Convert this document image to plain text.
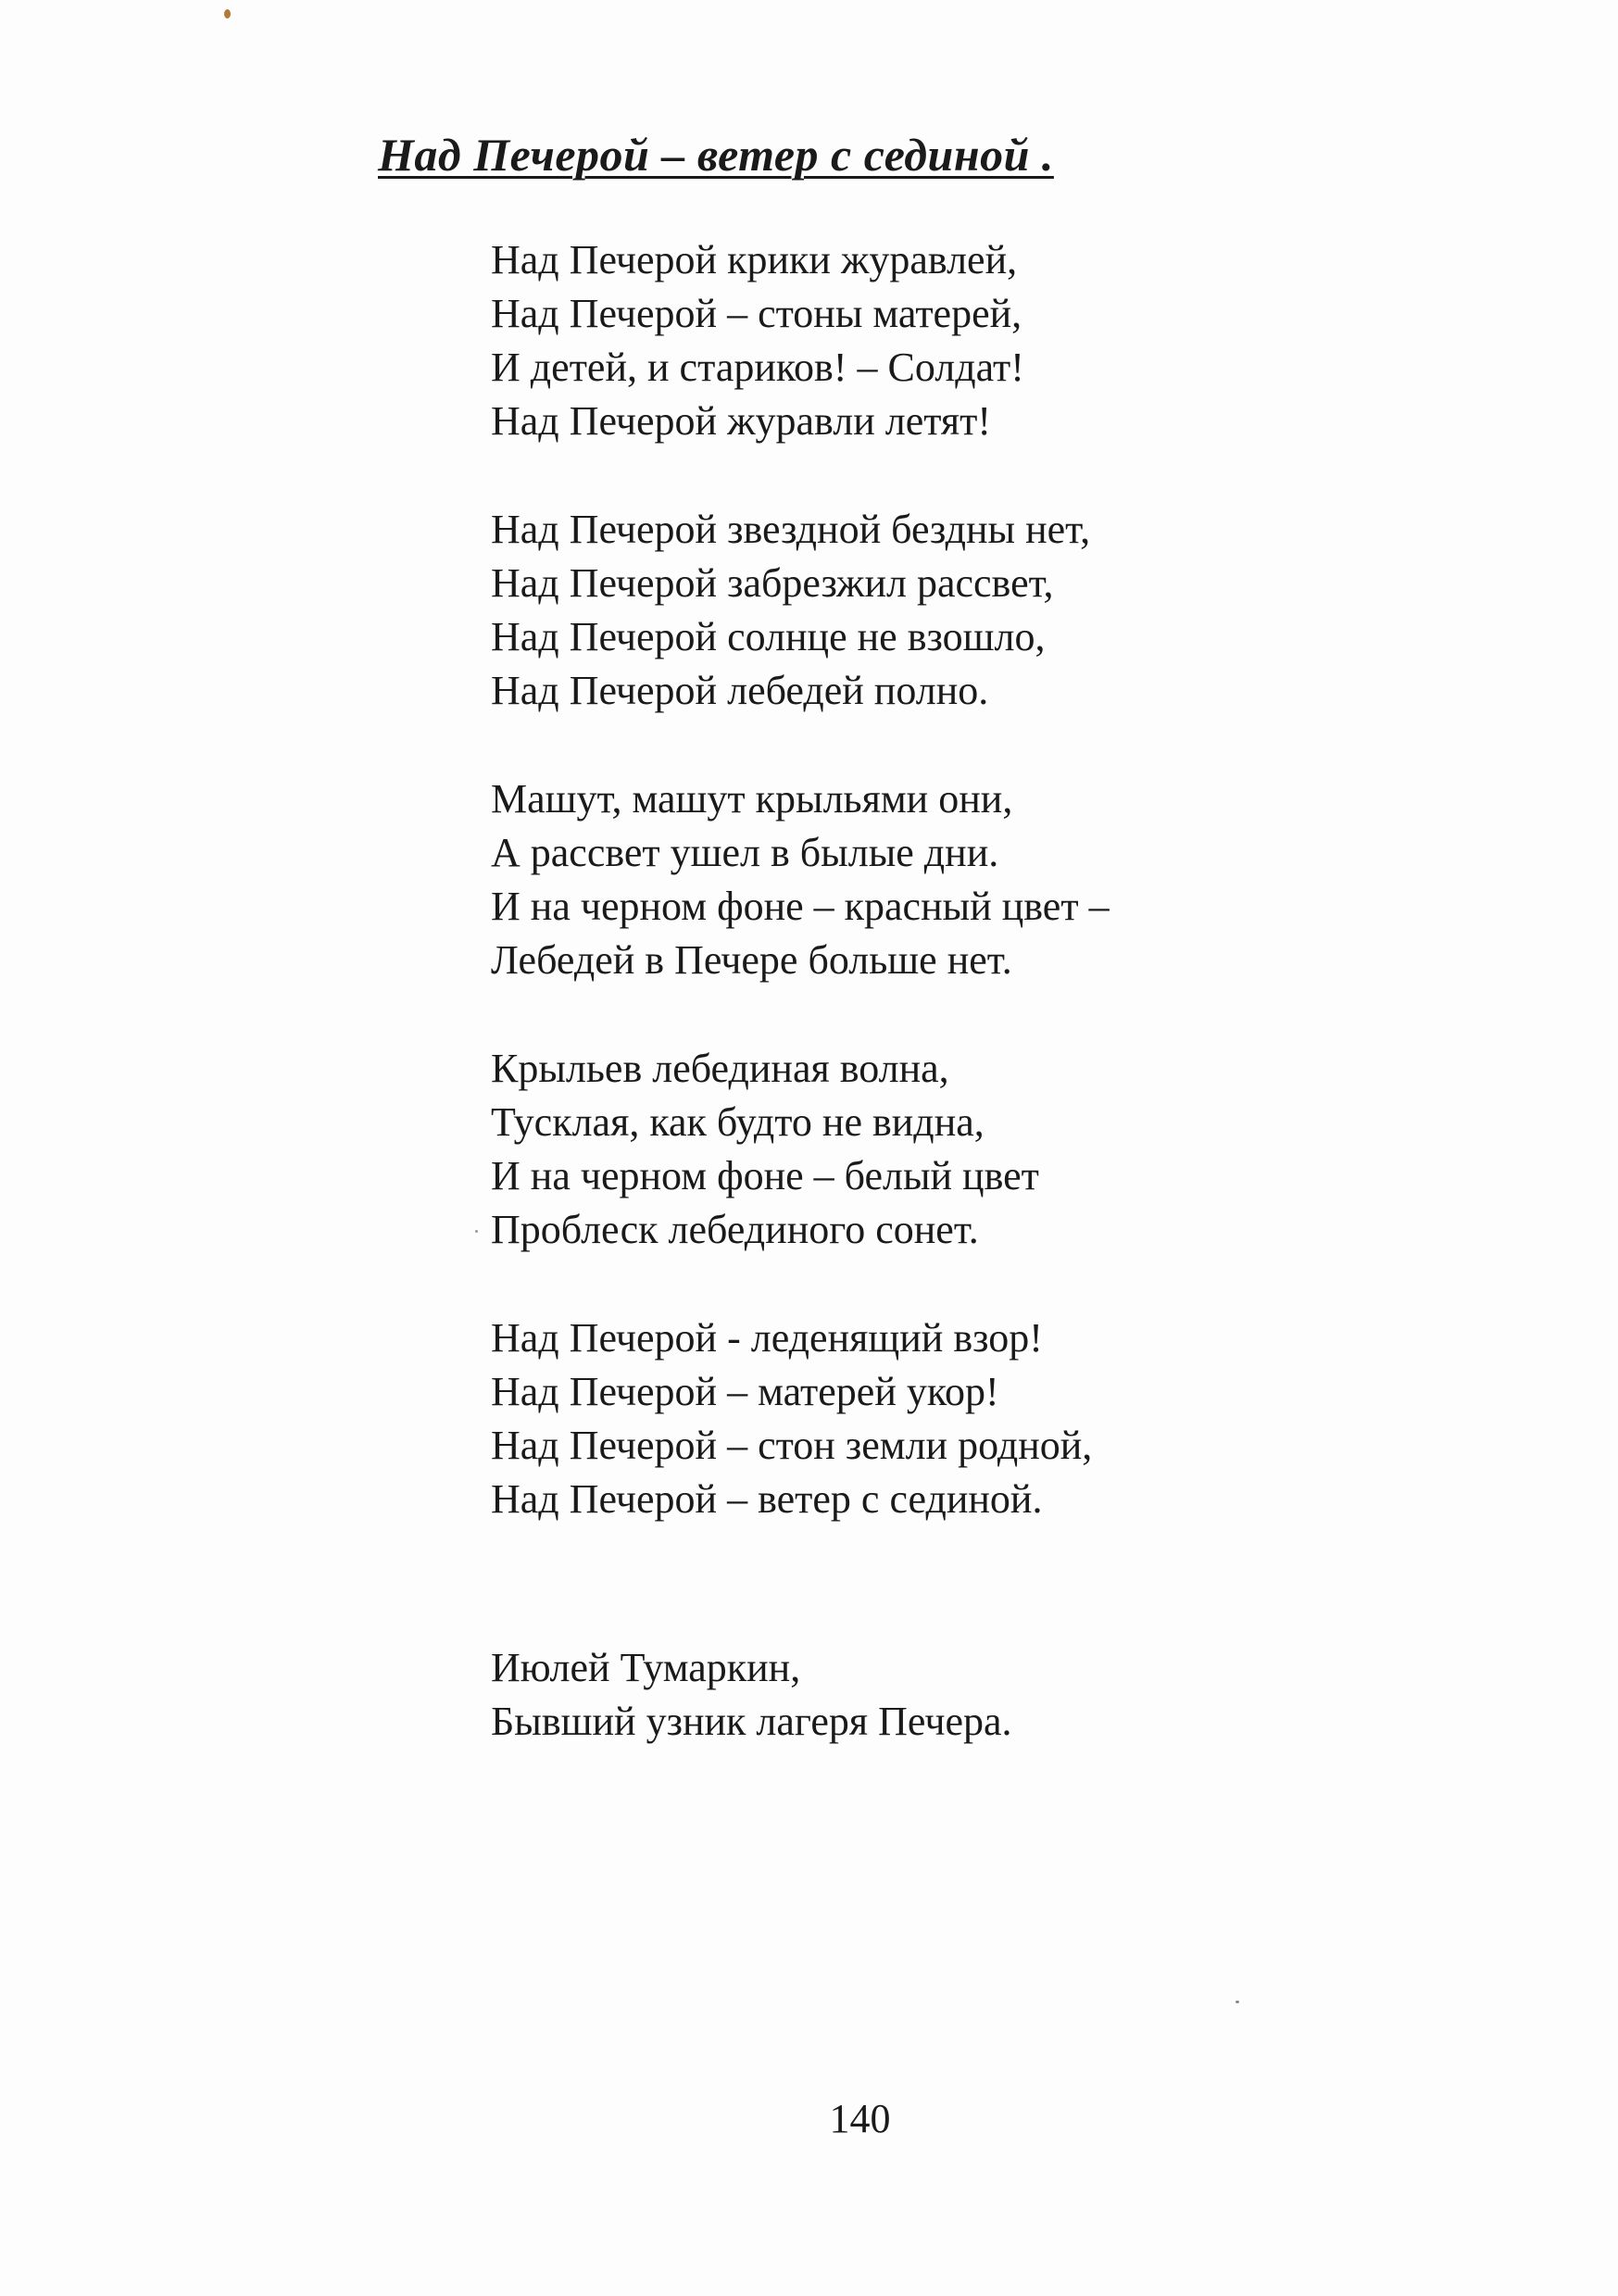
Над Печерой – ветер с сединой .
Над Печерой крики журавлей,
Над Печерой – стоны матерей,
И детей, и стариков! – Солдат!
Над Печерой журавли летят!
Над Печерой звездной бездны нет,
Над Печерой забрезжил рассвет,
Над Печерой солнце не взошло,
Над Печерой лебедей полно.
Машут, машут крыльями они,
А рассвет ушел в былые дни.
И на черном фоне – красный цвет –
Лебедей в Печере больше нет.
Крыльев лебединая волна,
Тусклая, как будто не видна,
И на черном фоне – белый цвет
Проблеск лебединого сонет.
Над Печерой - леденящий взор!
Над Печерой – матерей укор!
Над Печерой – стон земли родной,
Над Печерой – ветер с сединой.
Июлей Тумаркин,
Бывший узник лагеря Печера.
140
